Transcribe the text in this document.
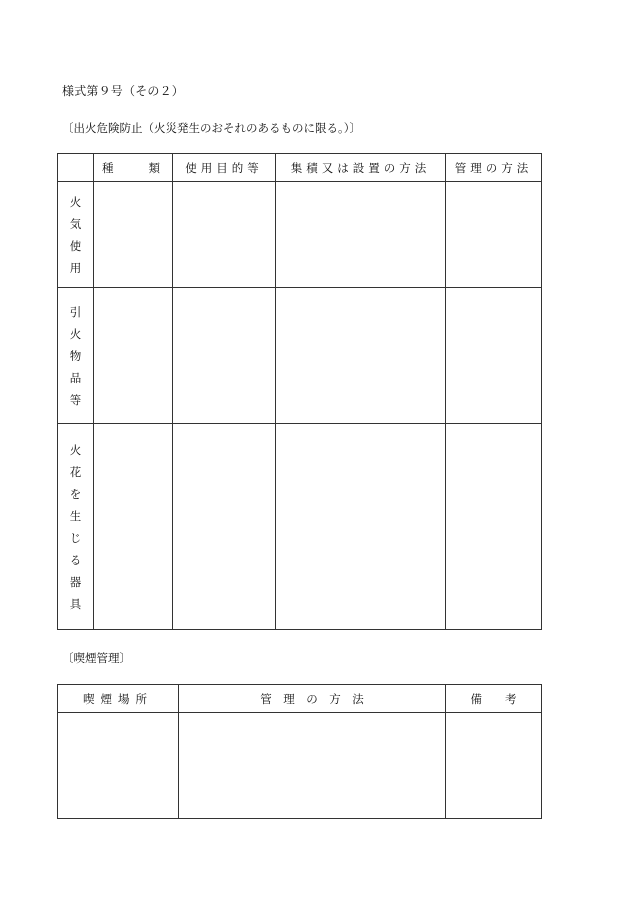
様式第９号（その２）
〔出火危険防止（火災発生のおそれのあるものに限る。）〕
	種　　類	使用目的等	集積又は設置の方法	管理の方法
火気使用				
引火物品等				
火花を生じる器具				
〔喫煙管理〕
喫煙場所	管　理　の　方　法	備　　考
